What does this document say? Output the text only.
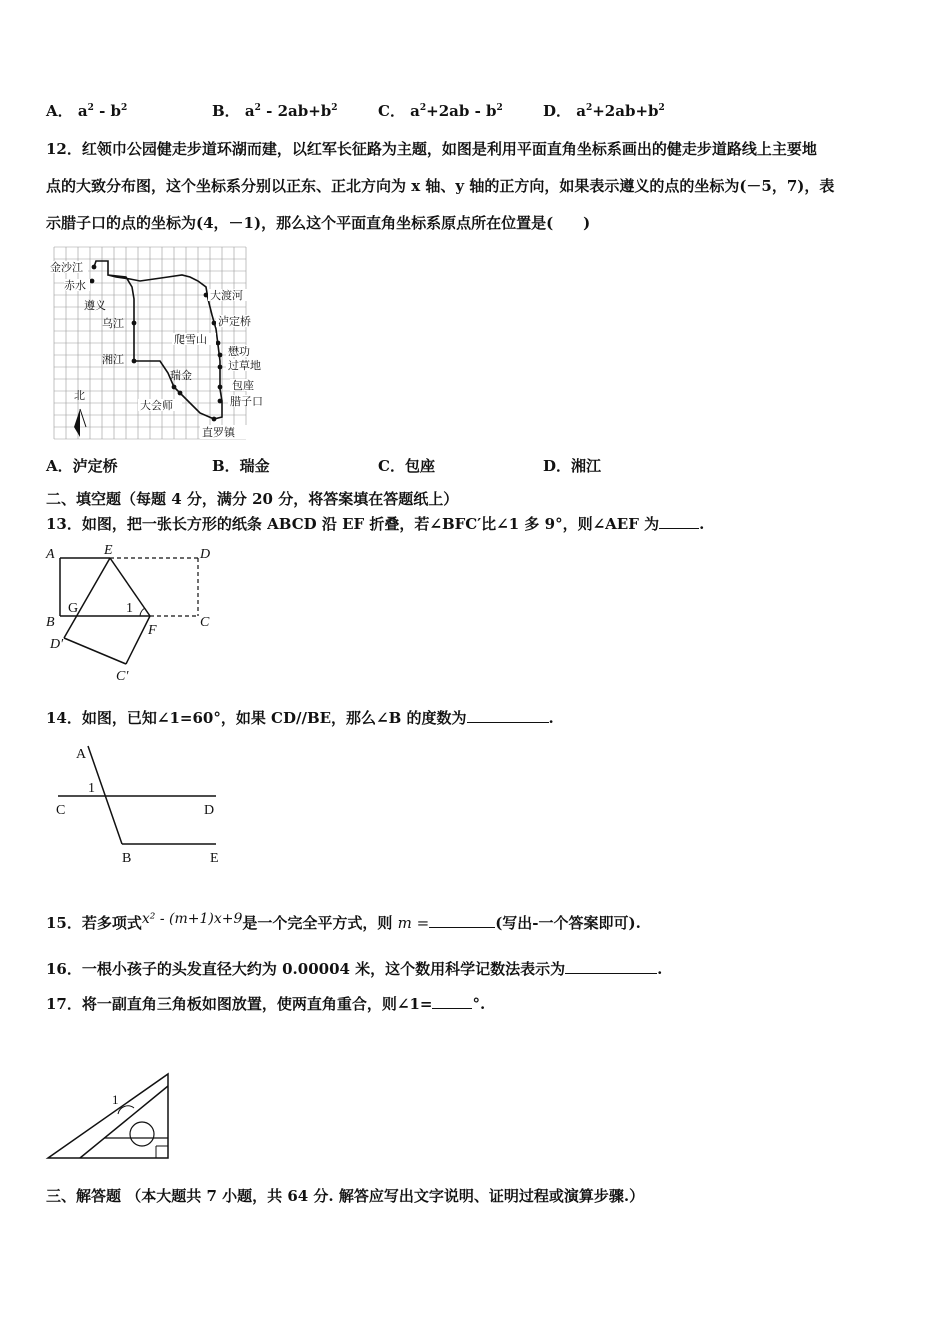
A． $a^2 - b^2$	B． $a^2 - 2ab+b^2$	C． $a^2+2ab - b^2$	D． $a^2+2ab+b^2$
12．红领巾公园健走步道环湖而建，以红军长征路为主题，如图是利用平面直角坐标系画出的健走步道路线上主要地
点的大致分布图，这个坐标系分别以正东、正北方向为 x 轴、y 轴的正方向，如果表示遵义的点的坐标为(－5，7)，表
示腊子口的点的坐标为(4，－1)，那么这个平面直角坐标系原点所在位置是(　　)
金沙江
赤水
遵义
乌江
湘江
瑞金
大会师
大渡河
泸定桥
爬雪山
懋功
过草地
包座
腊子口
直罗镇
北
A．泸定桥	B．瑞金	C．包座	D．湘江
二、填空题（每题 4 分，满分 20 分，将答案填在答题纸上）
13．如图，把一张长方形的纸条 ABCD 沿 EF 折叠，若∠BFC′比∠1 多 9°，则∠AEF 为	.
A	E	D
B
G	1
F
C
D′
C′
14．如图，已知∠1=60°，如果 CD//BE，那么∠B 的度数为	.
A
1
C	D
B	E
15．若多项式x² - (m+1)x+9是一个完全平方式，则 m =	(写出-一个答案即可).
16．一根小孩子的头发直径大约为 0.00004 米，这个数用科学记数法表示为	.
17．将一副直角三角板如图放置，使两直角重合，则∠1=	°.
1
三、解答题 （本大题共 7 小题，共 64 分. 解答应写出文字说明、证明过程或演算步骤.）
